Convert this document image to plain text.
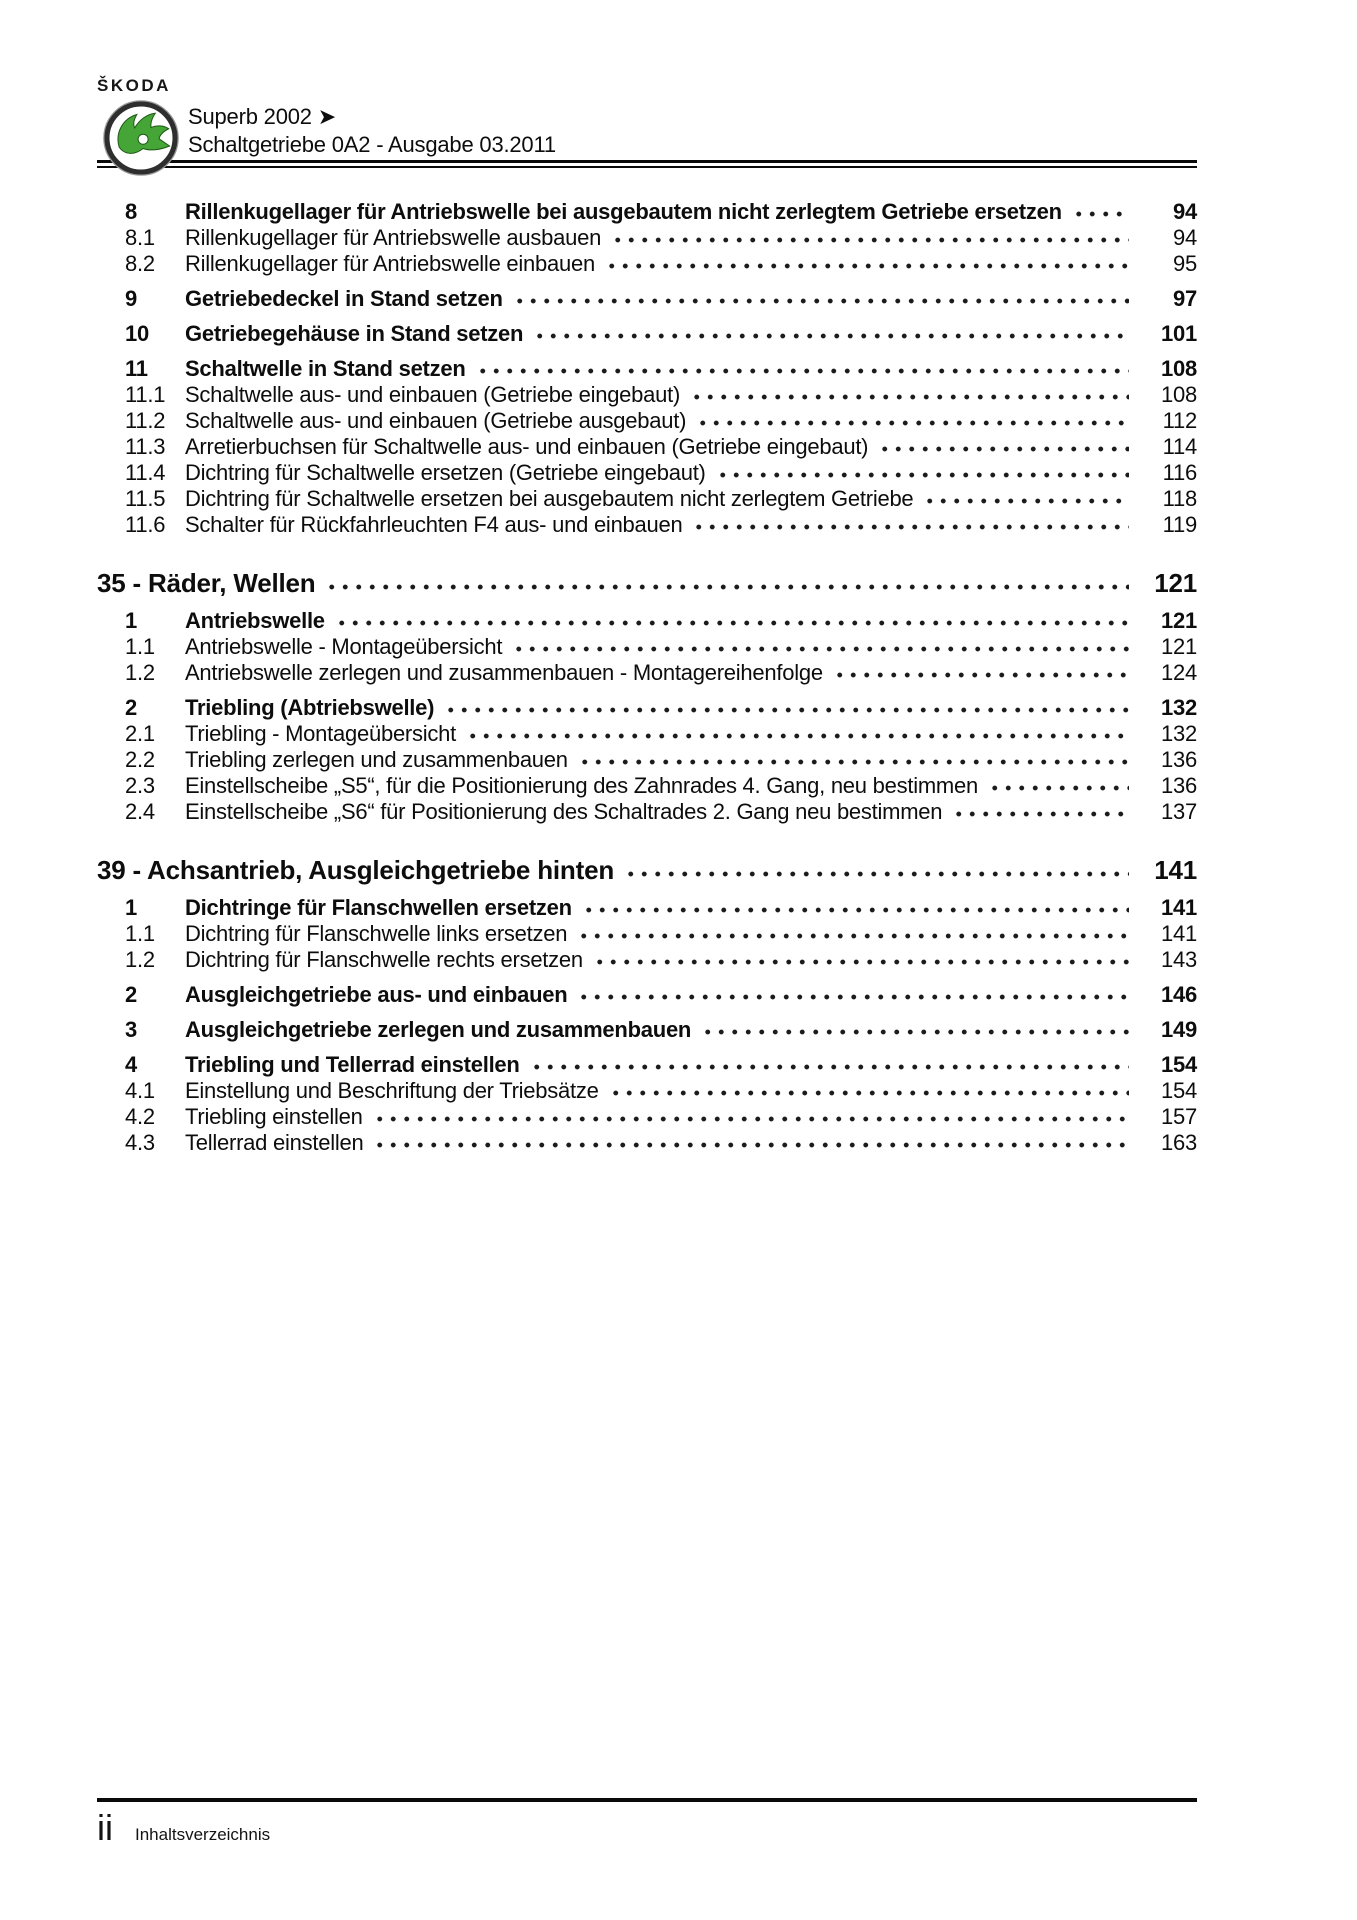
ŠKODA
Superb 2002 ➤
Schaltgetriebe 0A2 - Ausgabe 03.2011
8	Rillenkugellager für Antriebswelle bei ausgebautem nicht zerlegtem Getriebe ersetzen	94
8.1	Rillenkugellager für Antriebswelle ausbauen	94
8.2	Rillenkugellager für Antriebswelle einbauen	95
9	Getriebedeckel in Stand setzen	97
10	Getriebegehäuse in Stand setzen	101
11	Schaltwelle in Stand setzen	108
11.1 Schaltwelle aus- und einbauen (Getriebe eingebaut)	108
11.2 Schaltwelle aus- und einbauen (Getriebe ausgebaut)	112
11.3 Arretierbuchsen für Schaltwelle aus- und einbauen (Getriebe eingebaut)	114
11.4 Dichtring für Schaltwelle ersetzen (Getriebe eingebaut)	116
11.5 Dichtring für Schaltwelle ersetzen bei ausgebautem nicht zerlegtem Getriebe	118
11.6 Schalter für Rückfahrleuchten F4 aus- und einbauen	119
35 - Räder, Wellen	121
1	Antriebswelle	121
1.1	Antriebswelle - Montageübersicht	121
1.2	Antriebswelle zerlegen und zusammenbauen - Montagereihenfolge	124
2	Triebling (Abtriebswelle)	132
2.1	Triebling - Montageübersicht	132
2.2	Triebling zerlegen und zusammenbauen	136
2.3	Einstellscheibe „S5“, für die Positionierung des Zahnrades 4. Gang, neu bestimmen	136
2.4	Einstellscheibe „S6“ für Positionierung des Schaltrades 2. Gang neu bestimmen	137
39 - Achsantrieb, Ausgleichgetriebe hinten	141
1	Dichtringe für Flanschwellen ersetzen	141
1.1	Dichtring für Flanschwelle links ersetzen	141
1.2	Dichtring für Flanschwelle rechts ersetzen	143
2	Ausgleichgetriebe aus- und einbauen	146
3	Ausgleichgetriebe zerlegen und zusammenbauen	149
4	Triebling und Tellerrad einstellen	154
4.1	Einstellung und Beschriftung der Triebsätze	154
4.2	Triebling einstellen	157
4.3	Tellerrad einstellen	163
ii Inhaltsverzeichnis
